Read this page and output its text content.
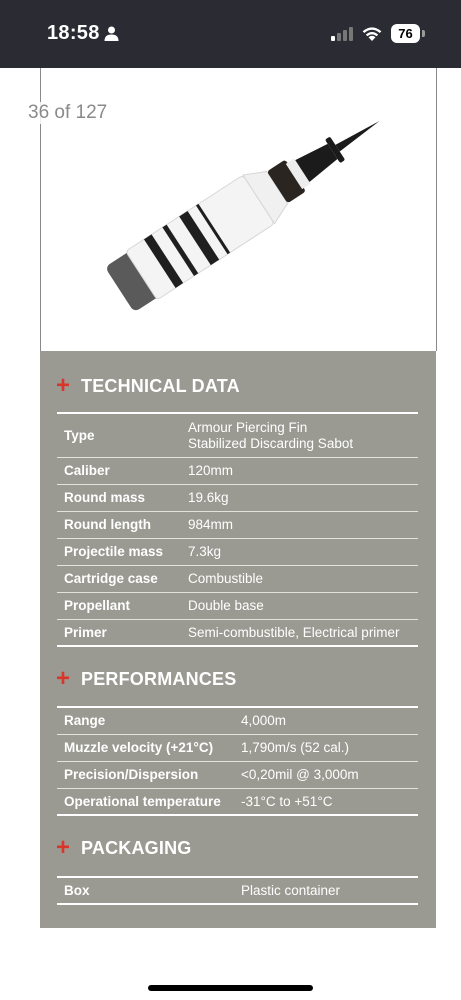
18:58	76
36 of 127
+ TECHNICAL DATA
Type	Armour Piercing Fin
Stabilized Discarding Sabot

Caliber	120mm
Round mass	19.6kg
Round length	984mm
Projectile mass	7.3kg
Cartridge case	Combustible
Propellant	Double base
Primer	Semi-combustible, Electrical primer
+ PERFORMANCES
Range	4,000m
Muzzle velocity (+21°C)	1,790m/s (52 cal.)
Precision/Dispersion	<0,20mil @ 3,000m
Operational temperature	-31°C to +51°C
+ PACKAGING
Box	Plastic container
